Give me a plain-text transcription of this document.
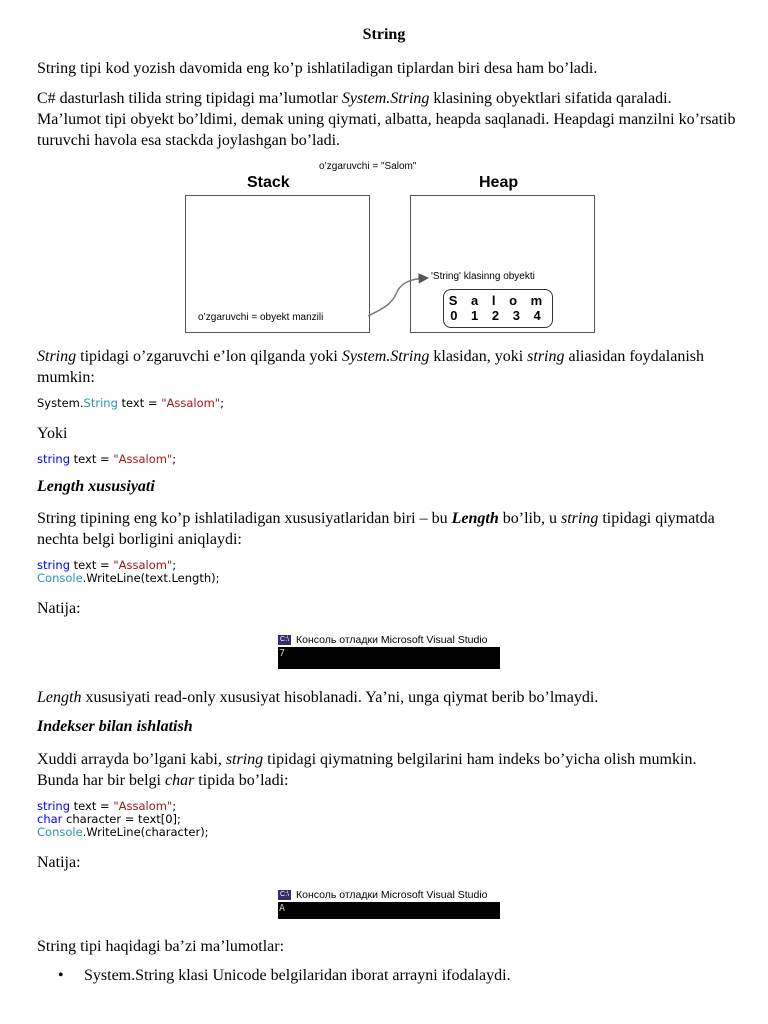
String
String tipi kod yozish davomida eng ko’p ishlatiladigan tiplardan biri desa ham bo’ladi.
C# dasturlash tilida string tipidagi ma’lumotlar System.String klasining obyektlari sifatida qaraladi. Ma’lumot tipi obyekt bo’ldimi, demak uning qiymati, albatta, heapda saqlanadi. Heapdagi manzilni ko’rsatib turuvchi havola esa stackda joylashgan bo’ladi.
o’zgaruvchi = "Salom"
Stack	Heap
o’zgaruvchi = obyekt manzili
'String' klasinng obyekti
S a l o m
0 1 2 3 4
String tipidagi o’zgaruvchi e’lon qilganda yoki System.String klasidan, yoki string aliasidan foydalanish mumkin:
System.String text = "Assalom";
Yoki
string text = "Assalom";
Length xususiyati
String tipining eng ko’p ishlatiladigan xususiyatlaridan biri – bu Length bo’lib, u string tipidagi qiymatda nechta belgi borligini aniqlaydi:
string text = "Assalom";
Console.WriteLine(text.Length);
Natija:
C:\ Консоль отладки Microsoft Visual Studio
7
Length xususiyati read-only xususiyat hisoblanadi. Ya’ni, unga qiymat berib bo’lmaydi.
Indekser bilan ishlatish
Xuddi arrayda bo’lgani kabi, string tipidagi qiymatning belgilarini ham indeks bo’yicha olish mumkin. Bunda har bir belgi char tipida bo’ladi:
string text = "Assalom";
char character = text[0];
Console.WriteLine(character);
Natija:
C:\ Консоль отладки Microsoft Visual Studio
A
String tipi haqidagi ba’zi ma’lumotlar:
• System.String klasi Unicode belgilaridan iborat arrayni ifodalaydi.
